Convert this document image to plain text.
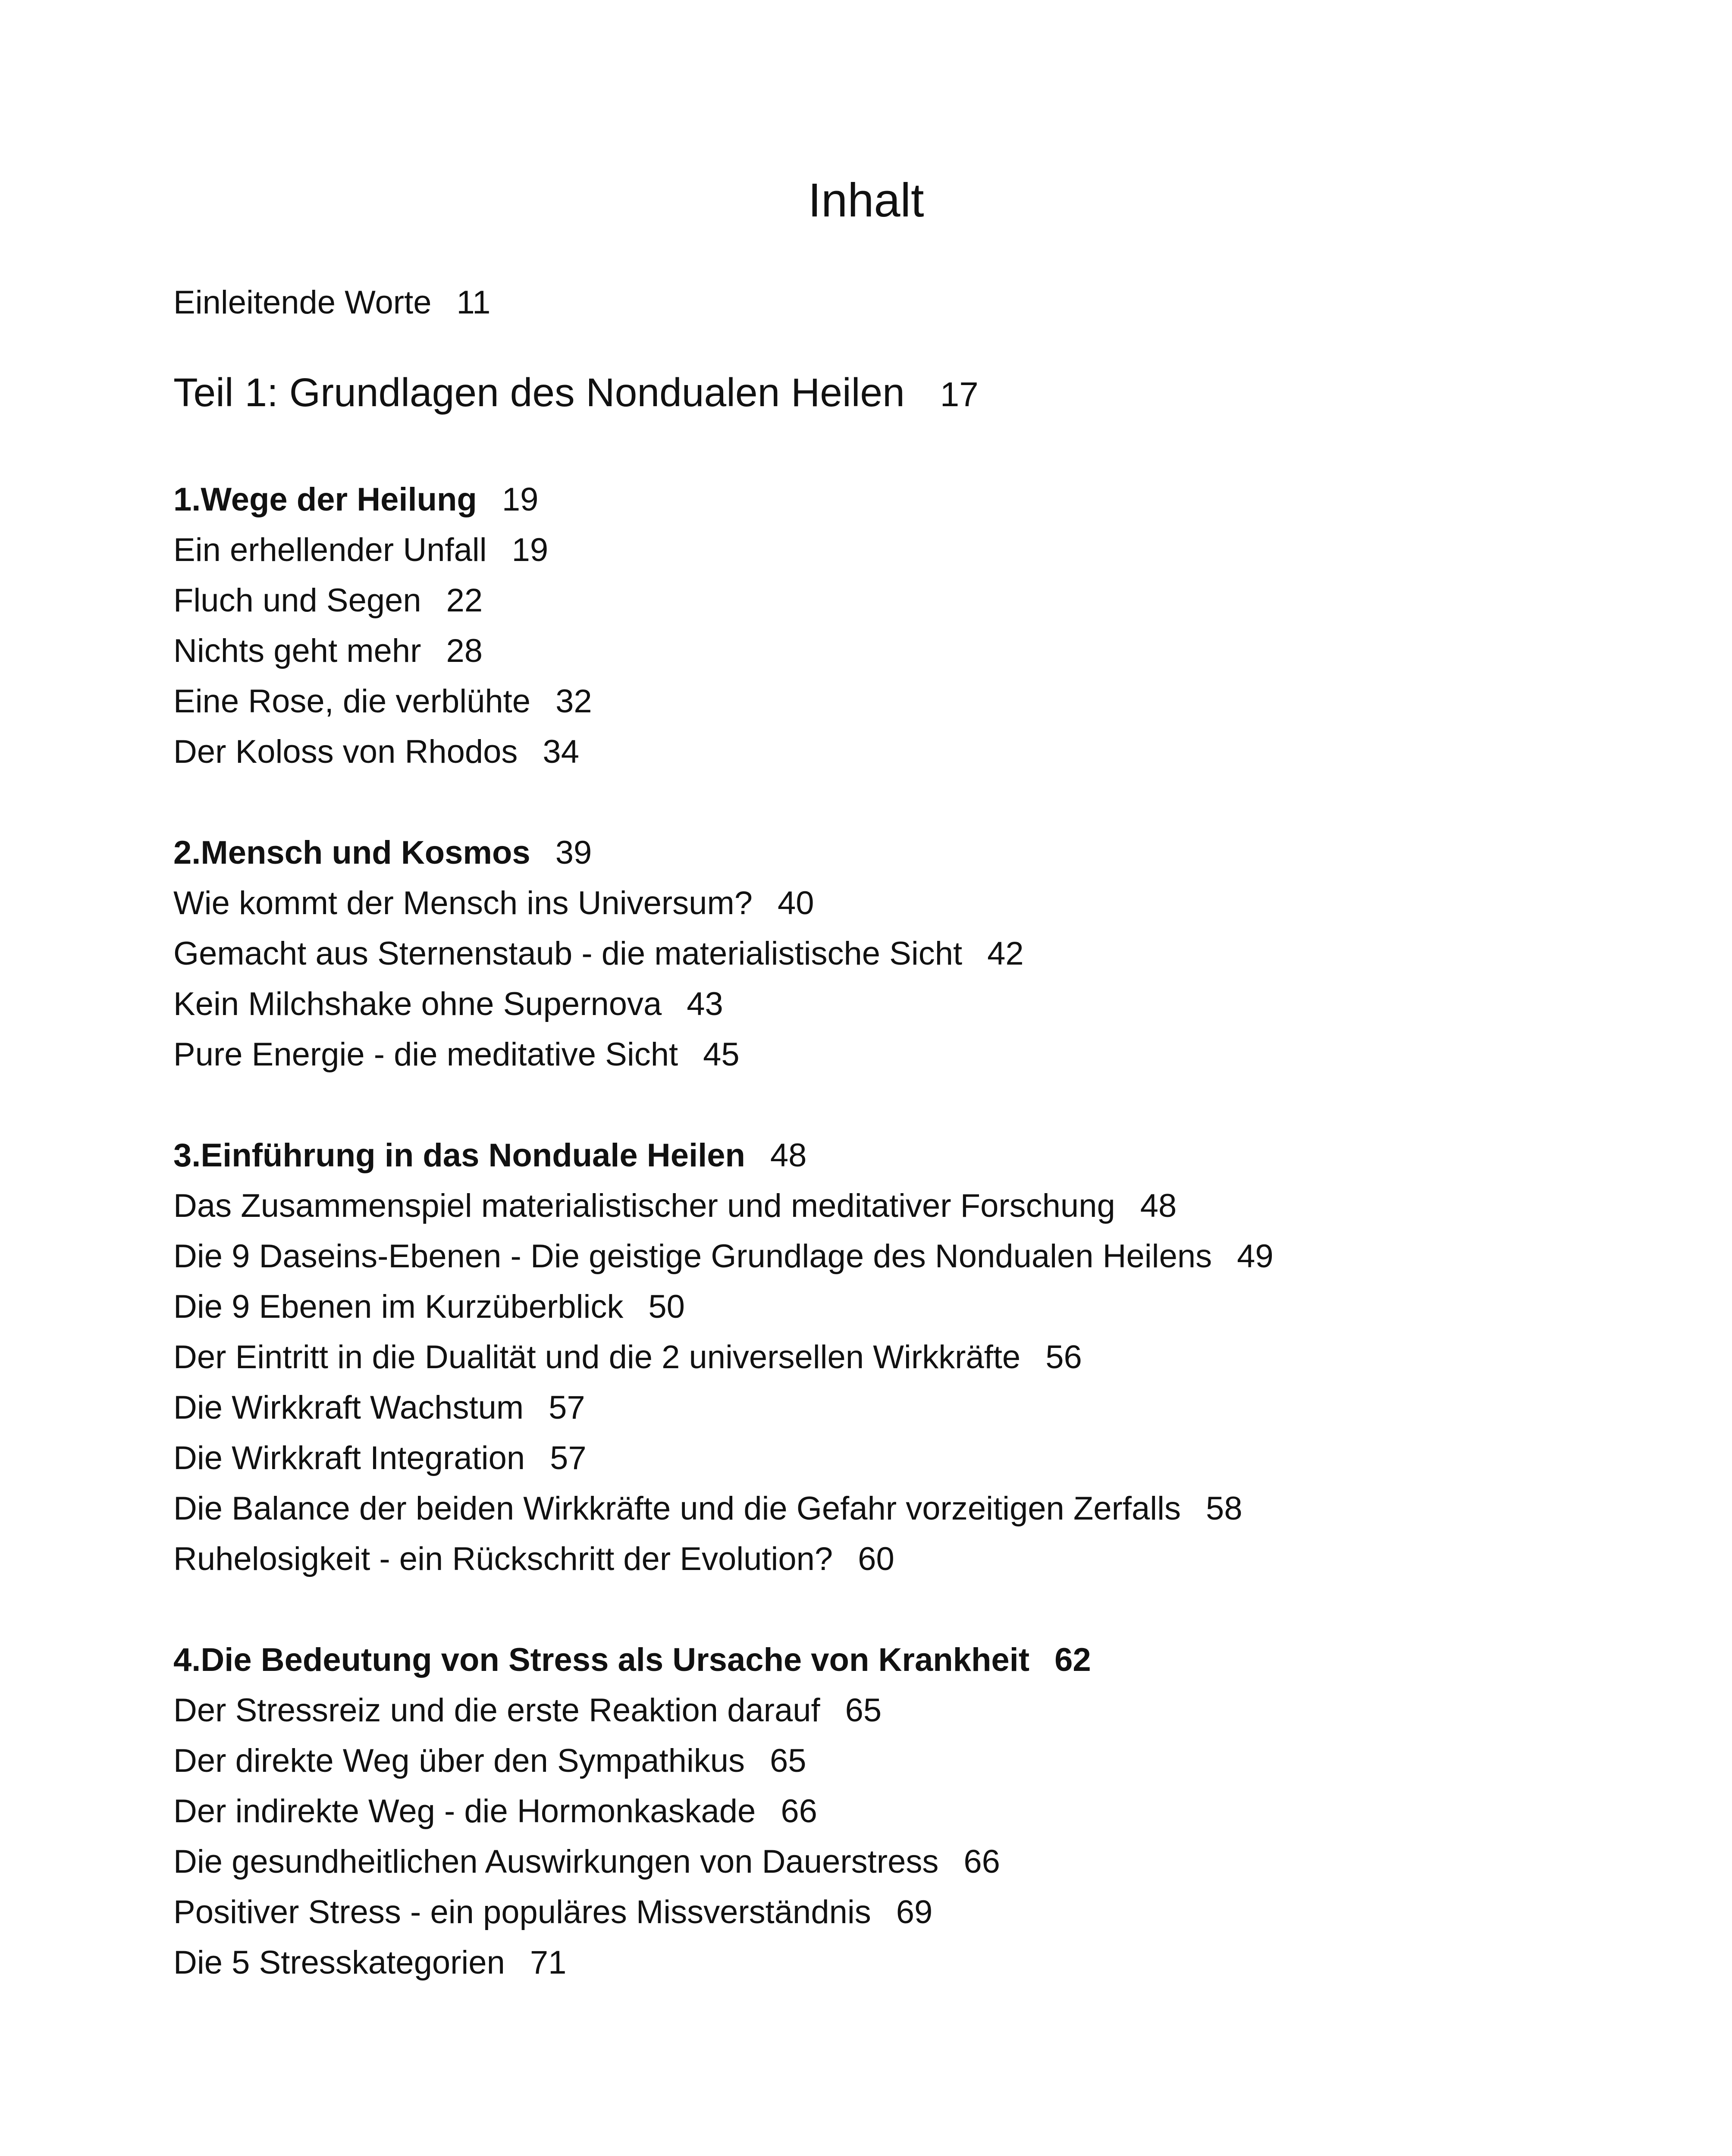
Inhalt
Einleitende Worte 11
Teil 1: Grundlagen des Nondualen Heilen 17
1.Wege der Heilung 19
Ein erhellender Unfall 19
Fluch und Segen 22
Nichts geht mehr 28
Eine Rose, die verblühte 32
Der Koloss von Rhodos 34
2.Mensch und Kosmos 39
Wie kommt der Mensch ins Universum? 40
Gemacht aus Sternenstaub - die materialistische Sicht 42
Kein Milchshake ohne Supernova 43
Pure Energie - die meditative Sicht 45
3.Einführung in das Nonduale Heilen 48
Das Zusammenspiel materialistischer und meditativer Forschung 48
Die 9 Daseins-Ebenen - Die geistige Grundlage des Nondualen Heilens 49
Die 9 Ebenen im Kurzüberblick 50
Der Eintritt in die Dualität und die 2 universellen Wirkkräfte 56
Die Wirkkraft Wachstum 57
Die Wirkkraft Integration 57
Die Balance der beiden Wirkkräfte und die Gefahr vorzeitigen Zerfalls 58
Ruhelosigkeit - ein Rückschritt der Evolution? 60
4.Die Bedeutung von Stress als Ursache von Krankheit 62
Der Stressreiz und die erste Reaktion darauf 65
Der direkte Weg über den Sympathikus 65
Der indirekte Weg - die Hormonkaskade 66
Die gesundheitlichen Auswirkungen von Dauerstress 66
Positiver Stress - ein populäres Missverständnis 69
Die 5 Stresskategorien 71
